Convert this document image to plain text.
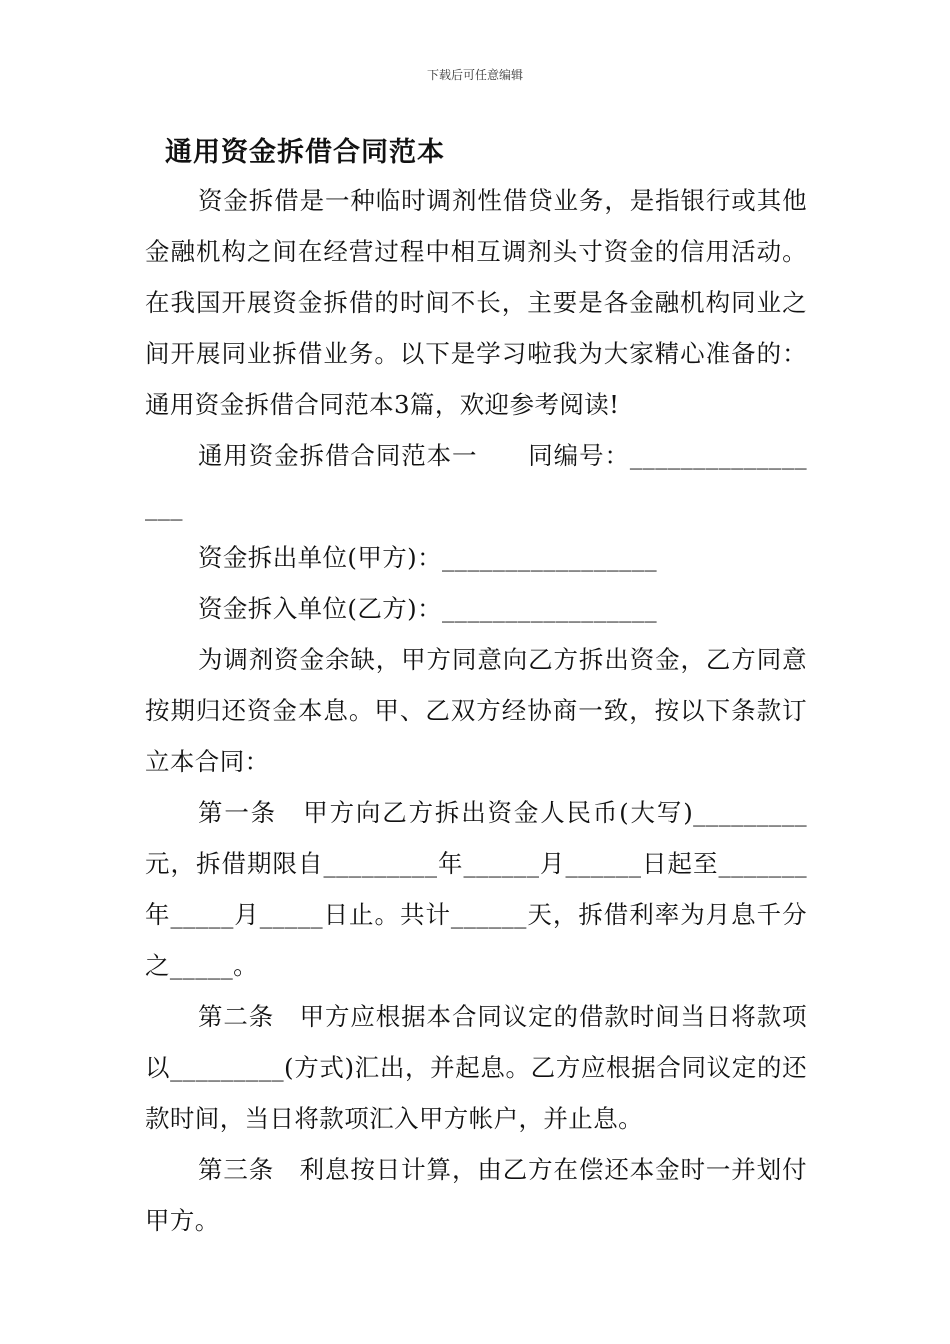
下载后可任意编辑
通用资金拆借合同范本

资金拆借是一种临时调剂性借贷业务，是指银行或其他金融机构之间在经营过程中相互调剂头寸资金的信用活动。在我国开展资金拆借的时间不长，主要是各金融机构同业之间开展同业拆借业务。以下是学习啦我为大家精心准备的：通用资金拆借合同范本3篇，欢迎参考阅读!

通用资金拆借合同范本一　　同编号：_________________

资金拆出单位(甲方)：_________________

资金拆入单位(乙方)：_________________

为调剂资金余缺，甲方同意向乙方拆出资金，乙方同意按期归还资金本息。甲、乙双方经协商一致，按以下条款订立本合同：

第一条　甲方向乙方拆出资金人民币(大写)_________元，拆借期限自_________年______月______日起至_______年_____月_____日止。共计______天，拆借利率为月息千分之_____。

第二条　甲方应根据本合同议定的借款时间当日将款项以_________(方式)汇出，并起息。乙方应根据合同议定的还款时间，当日将款项汇入甲方帐户，并止息。

第三条　利息按日计算，由乙方在偿还本金时一并划付甲方。
